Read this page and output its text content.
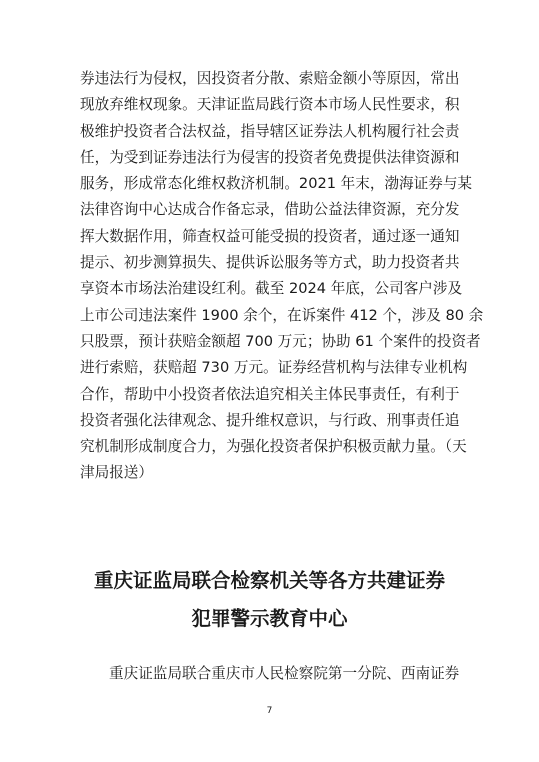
券违法行为侵权，因投资者分散、索赔金额小等原因，常出
现放弃维权现象。天津证监局践行资本市场人民性要求，积
极维护投资者合法权益，指导辖区证券法人机构履行社会责
任，为受到证券违法行为侵害的投资者免费提供法律资源和
服务，形成常态化维权救济机制。2021 年末，渤海证券与某
法律咨询中心达成合作备忘录，借助公益法律资源，充分发
挥大数据作用，筛查权益可能受损的投资者，通过逐一通知
提示、初步测算损失、提供诉讼服务等方式，助力投资者共
享资本市场法治建设红利。截至 2024 年底，公司客户涉及
上市公司违法案件 1900 余个，在诉案件 412 个，涉及 80 余
只股票，预计获赔金额超 700 万元；协助 61 个案件的投资者
进行索赔，获赔超 730 万元。证券经营机构与法律专业机构
合作，帮助中小投资者依法追究相关主体民事责任，有利于
投资者强化法律观念、提升维权意识，与行政、刑事责任追
究机制形成制度合力，为强化投资者保护积极贡献力量。（天
津局报送）
重庆证监局联合检察机关等各方共建证券
犯罪警示教育中心

重庆证监局联合重庆市人民检察院第一分院、西南证券

7
